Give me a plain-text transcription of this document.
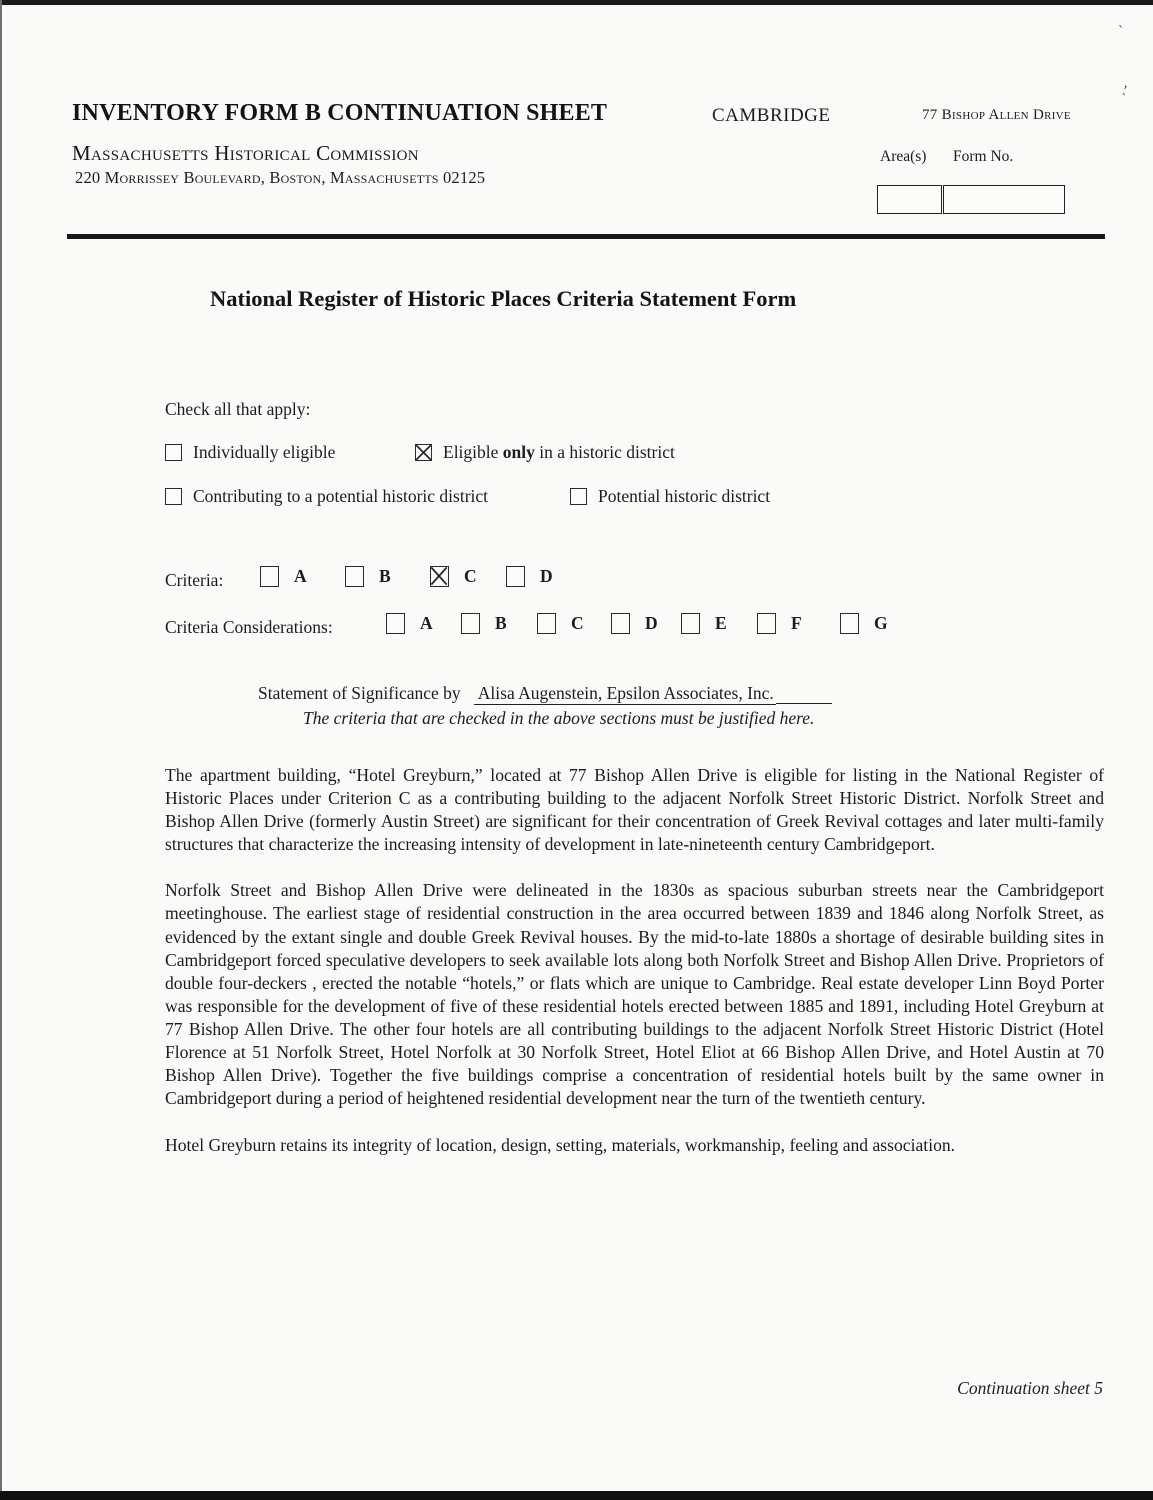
`
‚
`
INVENTORY FORM B CONTINUATION SHEET	CAMBRIDGE	77 Bishop Allen Drive
Massachusetts Historical Commission
220 Morrissey Boulevard, Boston, Massachusetts 02125
Area(s) Form No.
National Register of Historic Places Criteria Statement Form
Check all that apply:
Individually eligible	Eligible only in a historic district
Contributing to a potential historic district	Potential historic district
Criteria:	A	B	C	D
Criteria Considerations:	A	B	C	D	E	F	G
Statement of Significance by Alisa Augenstein, Epsilon Associates, Inc.
The criteria that are checked in the above sections must be justified here.

The apartment building, “Hotel Greyburn,” located at 77 Bishop Allen Drive is eligible for listing in the National Register of Historic Places under Criterion C as a contributing building to the adjacent Norfolk Street Historic District. Norfolk Street and Bishop Allen Drive (formerly Austin Street) are significant for their concentration of Greek Revival cottages and later multi-family structures that characterize the increasing intensity of development in late-nineteenth century Cambridgeport.

Norfolk Street and Bishop Allen Drive were delineated in the 1830s as spacious suburban streets near the Cambridgeport meetinghouse. The earliest stage of residential construction in the area occurred between 1839 and 1846 along Norfolk Street, as evidenced by the extant single and double Greek Revival houses. By the mid-to-late 1880s a shortage of desirable building sites in Cambridgeport forced speculative developers to seek available lots along both Norfolk Street and Bishop Allen Drive. Proprietors of double four-deckers , erected the notable “hotels,” or flats which are unique to Cambridge. Real estate developer Linn Boyd Porter was responsible for the development of five of these residential hotels erected between 1885 and 1891, including Hotel Greyburn at 77 Bishop Allen Drive. The other four hotels are all contributing buildings to the adjacent Norfolk Street Historic District (Hotel Florence at 51 Norfolk Street, Hotel Norfolk at 30 Norfolk Street, Hotel Eliot at 66 Bishop Allen Drive, and Hotel Austin at 70 Bishop Allen Drive). Together the five buildings comprise a concentration of residential hotels built by the same owner in Cambridgeport during a period of heightened residential development near the turn of the twentieth century.

Hotel Greyburn retains its integrity of location, design, setting, materials, workmanship, feeling and association.

Continuation sheet 5
